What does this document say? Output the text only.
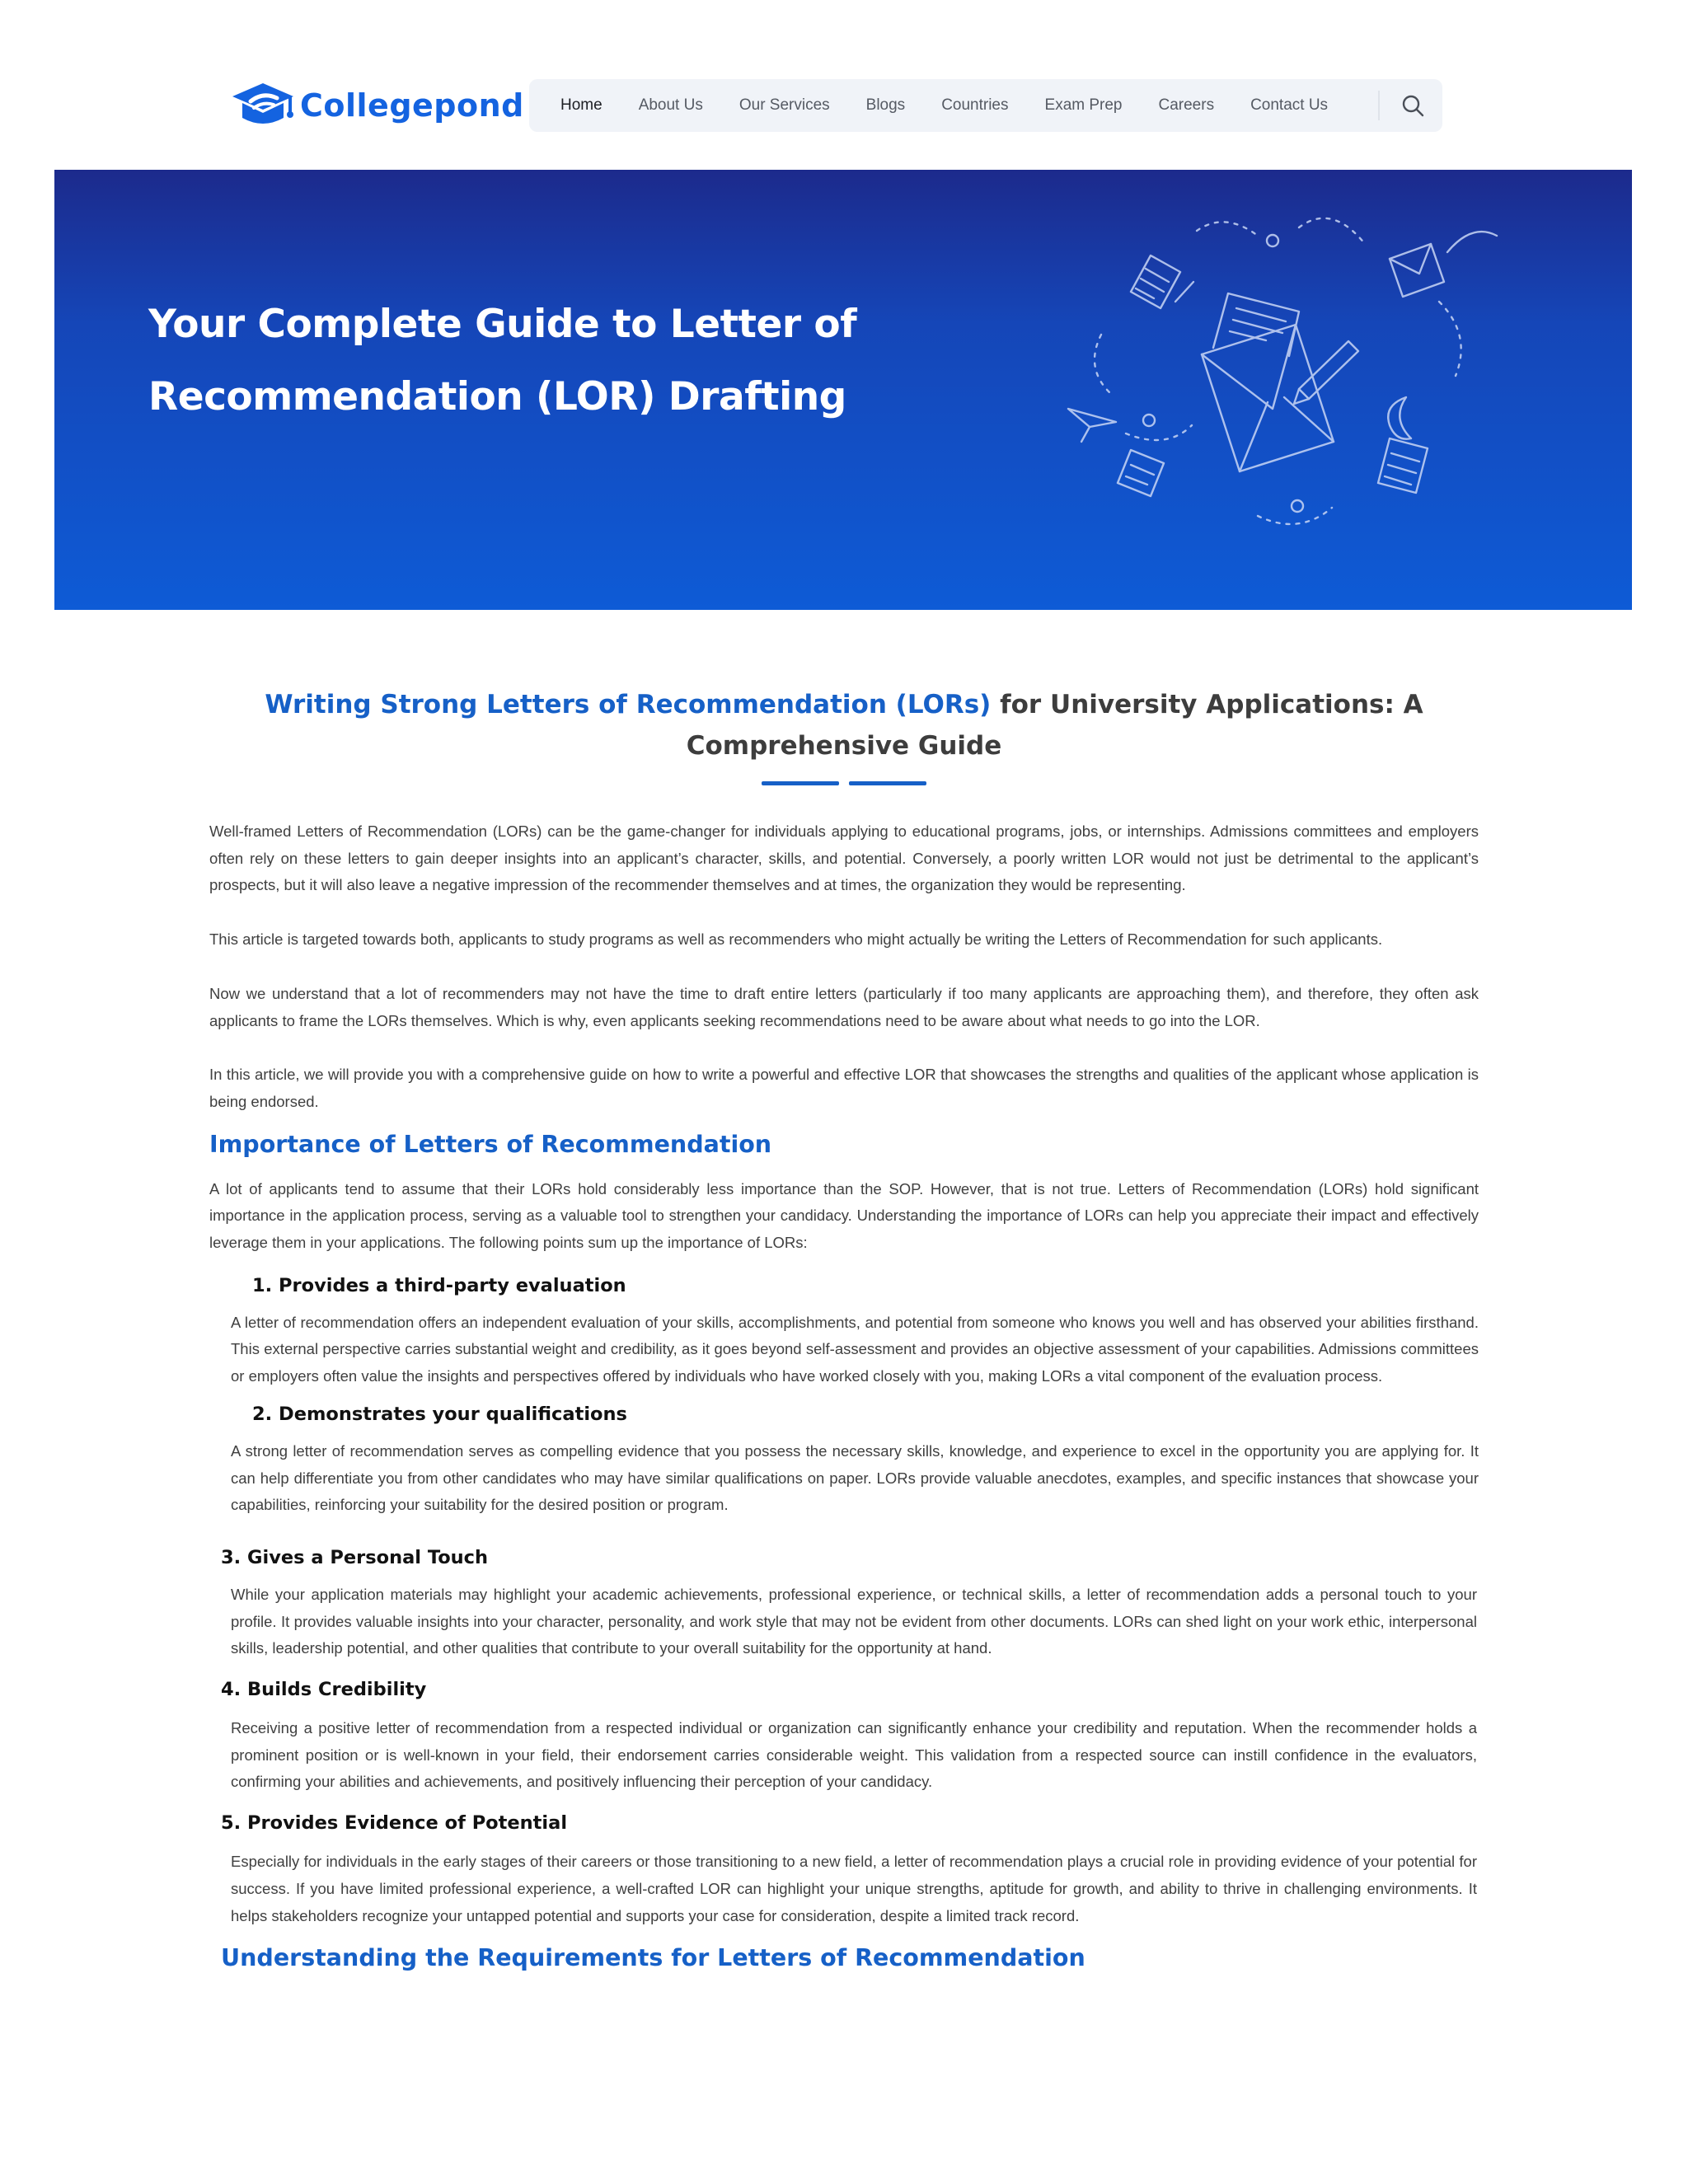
Collegepond Home About Us Our Services Blogs Countries Exam Prep Careers Contact Us
Your Complete Guide to Letter of
Recommendation (LOR) Drafting
Writing Strong Letters of Recommendation (LORs) for University Applications: A Comprehensive Guide

Well-framed Letters of Recommendation (LORs) can be the game-changer for individuals applying to educational programs, jobs, or internships. Admissions committees and employers often rely on these letters to gain deeper insights into an applicant’s character, skills, and potential. Conversely, a poorly written LOR would not just be detrimental to the applicant’s prospects, but it will also leave a negative impression of the recommender themselves and at times, the organization they would be representing.

This article is targeted towards both, applicants to study programs as well as recommenders who might actually be writing the Letters of Recommendation for such applicants.

Now we understand that a lot of recommenders may not have the time to draft entire letters (particularly if too many applicants are approaching them), and therefore, they often ask applicants to frame the LORs themselves. Which is why, even applicants seeking recommendations need to be aware about what needs to go into the LOR.

In this article, we will provide you with a comprehensive guide on how to write a powerful and effective LOR that showcases the strengths and qualities of the applicant whose application is being endorsed.

Importance of Letters of Recommendation

A lot of applicants tend to assume that their LORs hold considerably less importance than the SOP. However, that is not true. Letters of Recommendation (LORs) hold significant importance in the application process, serving as a valuable tool to strengthen your candidacy. Understanding the importance of LORs can help you appreciate their impact and effectively leverage them in your applications. The following points sum up the importance of LORs:

1. Provides a third-party evaluation

A letter of recommendation offers an independent evaluation of your skills, accomplishments, and potential from someone who knows you well and has observed your abilities firsthand. This external perspective carries substantial weight and credibility, as it goes beyond self-assessment and provides an objective assessment of your capabilities. Admissions committees or employers often value the insights and perspectives offered by individuals who have worked closely with you, making LORs a vital component of the evaluation process.

2. Demonstrates your qualifications

A strong letter of recommendation serves as compelling evidence that you possess the necessary skills, knowledge, and experience to excel in the opportunity you are applying for. It can help differentiate you from other candidates who may have similar qualifications on paper. LORs provide valuable anecdotes, examples, and specific instances that showcase your capabilities, reinforcing your suitability for the desired position or program.

3. Gives a Personal Touch

While your application materials may highlight your academic achievements, professional experience, or technical skills, a letter of recommendation adds a personal touch to your profile. It provides valuable insights into your character, personality, and work style that may not be evident from other documents. LORs can shed light on your work ethic, interpersonal skills, leadership potential, and other qualities that contribute to your overall suitability for the opportunity at hand.

4. Builds Credibility

Receiving a positive letter of recommendation from a respected individual or organization can significantly enhance your credibility and reputation. When the recommender holds a prominent position or is well-known in your field, their endorsement carries considerable weight. This validation from a respected source can instill confidence in the evaluators, confirming your abilities and achievements, and positively influencing their perception of your candidacy.

5. Provides Evidence of Potential

Especially for individuals in the early stages of their careers or those transitioning to a new field, a letter of recommendation plays a crucial role in providing evidence of your potential for success. If you have limited professional experience, a well-crafted LOR can highlight your unique strengths, aptitude for growth, and ability to thrive in challenging environments. It helps stakeholders recognize your untapped potential and supports your case for consideration, despite a limited track record.

Understanding the Requirements for Letters of Recommendation
